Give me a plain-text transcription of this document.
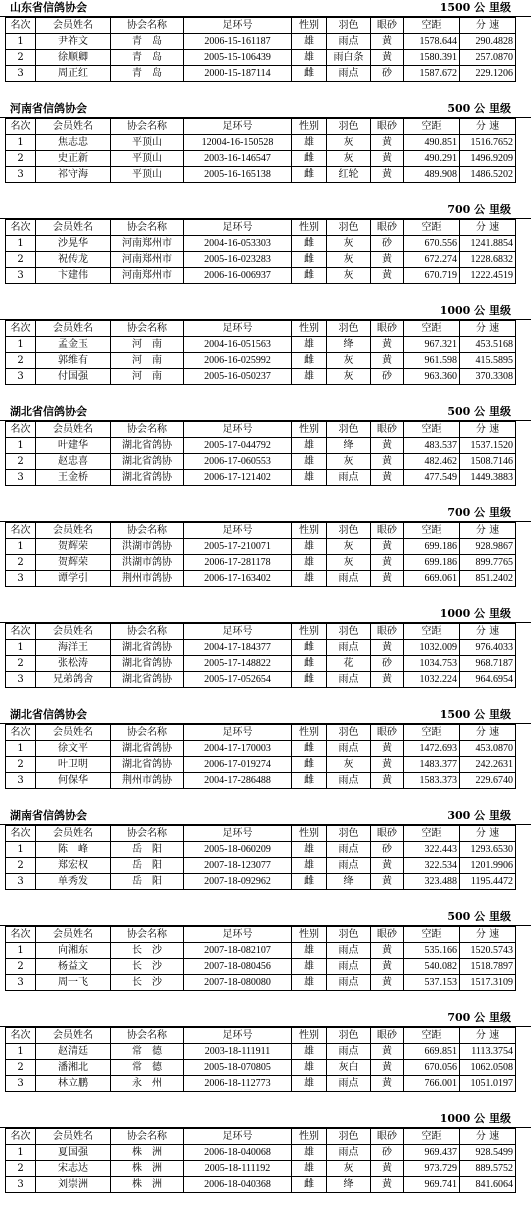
山东省信鸽协会	1500 公 里级
名次	会员姓名	协会名称	足环号	性别	羽色	眼砂	空距	分 速
1	尹祚文	青　岛	2006-15-161187	雄	雨点	黄	1578.644	290.4828
2	徐顺卿	青　岛	2005-15-106439	雄	雨白条	黄	1580.391	257.0870
3	周正红	青　岛	2000-15-187114	雌	雨点	砂	1587.672	229.1206
河南省信鸽协会	500 公 里级
名次	会员姓名	协会名称	足环号	性别	羽色	眼砂	空距	分 速
1	焦志忠	平顶山	12004-16-150528	雄	灰	黄	490.851	1516.7652
2	史正新	平顶山	2003-16-146547	雌	灰	黄	490.291	1496.9209
3	祁守海	平顶山	2005-16-165138	雌	红轮	黄	489.908	1486.5202
700 公 里级
名次	会员姓名	协会名称	足环号	性别	羽色	眼砂	空距	分 速
1	沙晃华	河南郑州市	2004-16-053303	雌	灰	砂	670.556	1241.8854
2	祝传龙	河南郑州市	2005-16-023283	雌	灰	黄	672.274	1228.6832
3	卞建伟	河南郑州市	2006-16-006937	雌	灰	黄	670.719	1222.4519
1000 公 里级
名次	会员姓名	协会名称	足环号	性别	羽色	眼砂	空距	分 速
1	孟金玉	河　南	2004-16-051563	雄	绛	黄	967.321	453.5168
2	郭维有	河　南	2006-16-025992	雌	灰	黄	961.598	415.5895
3	付国强	河　南	2005-16-050237	雄	灰	砂	963.360	370.3308
湖北省信鸽协会	500 公 里级
名次	会员姓名	协会名称	足环号	性别	羽色	眼砂	空距	分 速
1	叶建华	湖北省鸽协	2005-17-044792	雄	绛	黄	483.537	1537.1520
2	赵忠喜	湖北省鸽协	2006-17-060553	雄	灰	黄	482.462	1508.7146
3	王金桥	湖北省鸽协	2006-17-121402	雄	雨点	黄	477.549	1449.3883
700 公 里级
名次	会员姓名	协会名称	足环号	性别	羽色	眼砂	空距	分 速
1	贺辉荣	洪湖市鸽协	2005-17-210071	雄	灰	黄	699.186	928.9867
2	贺辉荣	洪湖市鸽协	2006-17-281178	雄	灰	黄	699.186	899.7765
3	谭学引	荆州市鸽协	2006-17-163402	雄	雨点	黄	669.061	851.2402
1000 公 里级
名次	会员姓名	协会名称	足环号	性别	羽色	眼砂	空距	分 速
1	海洋王	湖北省鸽协	2004-17-184377	雌	雨点	黄	1032.009	976.4033
2	张松涛	湖北省鸽协	2005-17-148822	雌	花	砂	1034.753	968.7187
3	兄弟鸽舍	湖北省鸽协	2005-17-052654	雌	雨点	黄	1032.224	964.6954
湖北省信鸽协会	1500 公 里级
名次	会员姓名	协会名称	足环号	性别	羽色	眼砂	空距	分 速
1	徐文平	湖北省鸽协	2004-17-170003	雌	雨点	黄	1472.693	453.0870
2	叶卫明	湖北省鸽协	2006-17-019274	雌	灰	黄	1483.377	242.2631
3	何保华	荆州市鸽协	2004-17-286488	雌	雨点	黄	1583.373	229.6740
湖南省信鸽协会	300 公 里级
名次	会员姓名	协会名称	足环号	性别	羽色	眼砂	空距	分 速
1	陈　峰	岳　阳	2005-18-060209	雄	雨点	砂	322.443	1293.6530
2	郑宏权	岳　阳	2007-18-123077	雄	雨点	黄	322.534	1201.9906
3	单秀发	岳　阳	2007-18-092962	雌	绛	黄	323.488	1195.4472
500 公 里级
名次	会员姓名	协会名称	足环号	性别	羽色	眼砂	空距	分 速
1	向湘东	长　沙	2007-18-082107	雄	雨点	黄	535.166	1520.5743
2	杨益文	长　沙	2007-18-080456	雄	雨点	黄	540.082	1518.7897
3	周一飞	长　沙	2007-18-080080	雄	雨点	黄	537.153	1517.3109
700 公 里级
名次	会员姓名	协会名称	足环号	性别	羽色	眼砂	空距	分 速
1	赵清廷	常　德	2003-18-111911	雄	雨点	黄	669.851	1113.3754
2	潘湘北	常　德	2005-18-070805	雄	灰白	黄	670.056	1062.0508
3	林立鹏	永　州	2006-18-112773	雄	雨点	黄	766.001	1051.0197
1000 公 里级
名次	会员姓名	协会名称	足环号	性别	羽色	眼砂	空距	分 速
1	夏国强	株　洲	2006-18-040068	雄	雨点	砂	969.437	928.5499
2	宋志达	株　洲	2005-18-111192	雄	灰	黄	973.729	889.5752
3	刘崇洲	株　洲	2006-18-040368	雌	绛	黄	969.741	841.6064
